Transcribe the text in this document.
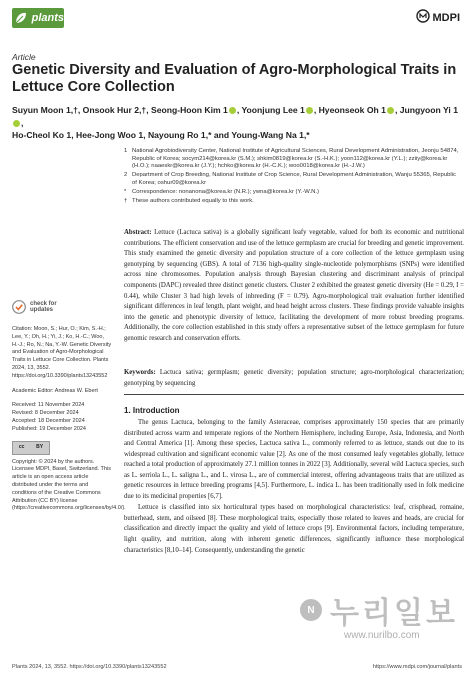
plants	MDPI
Article
Genetic Diversity and Evaluation of Agro-Morphological Traits in Lettuce Core Collection
Suyun Moon 1,†, Onsook Hur 2,†, Seong-Hoon Kim 1 , Yoonjung Lee 1 , Hyeonseok Oh 1 , Jungyoon Yi 1,
Ho-Cheol Ko 1, Hee-Jong Woo 1, Nayoung Ro 1,* and Young-Wang Na 1,*
1 National Agrobiodiversity Center, National Institute of Agricultural Sciences, Rural Development Administration, Jeonju 54874, Republic of Korea; socym214@korea.kr (S.M.); shkim0819@korea.kr (S.-H.K.); yoon112@korea.kr (Y.L.); zziiy@korea.kr (H.O.); naaeskr@korea.kr (J.Y.); hchko@korea.kr (H.-C.K.); woo0018@korea.kr (H.-J.W.)
2 Department of Crop Breeding, National Institute of Crop Science, Rural Development Administration, Wanju 55365, Republic of Korea; oshur09@korea.kr
* Correspondence: nonanona@korea.kr (N.R.); ywna@korea.kr (Y.-W.N.)
† These authors contributed equally to this work.
Abstract: Lettuce (Lactuca sativa) is a globally significant leafy vegetable, valued for both its economic and nutritional contributions. The efficient conservation and use of the lettuce germplasm are crucial for breeding and genetic improvement. This study examined the genetic diversity and population structure of a core collection of the lettuce germplasm using genotyping by sequencing (GBS). A total of 7136 high-quality single-nucleotide polymorphisms (SNPs) were identified across nine chromosomes. Population analysis through Bayesian clustering and discriminant analysis of principal components (DAPC) revealed three distinct genetic clusters. Cluster 2 exhibited the greatest genetic diversity (He = 0.29, I = 0.44), while Cluster 3 had high levels of inbreeding (F = 0.79). Agro-morphological trait evaluation further identified significant differences in leaf length, plant weight, and head height across clusters. These findings provide valuable insights into the genetic and phenotypic diversity of lettuce, facilitating the development of more robust breeding programs. Additionally, the core collection established in this study offers a representative subset of the lettuce germplasm for future genomic research and conservation efforts.
Keywords: Lactuca sativa; germplasm; genetic diversity; population structure; agro-morphological characterization; genotyping by sequencing
check for
updates
Citation: Moon, S.; Hur, O.; Kim, S.-H.; Lee, Y.; Oh, H.; Yi, J.; Ko, H.-C.; Woo, H.-J.; Ro, N.; Na, Y.-W. Genetic Diversity and Evaluation of Agro-Morphological Traits in Lettuce Core Collection. Plants 2024, 13, 3552. https://doi.org/10.3390/plants13243552
Academic Editor: Andreas W. Ebert
Received: 11 November 2024
Revised: 8 December 2024
Accepted: 18 December 2024
Published: 19 December 2024
cc BY
Copyright: © 2024 by the authors. Licensee MDPI, Basel, Switzerland. This article is an open access article distributed under the terms and conditions of the Creative Commons Attribution (CC BY) license (https://creativecommons.org/licenses/by/4.0/).
1. Introduction

The genus Lactuca, belonging to the family Asteraceae, comprises approximately 150 species that are primarily distributed across warm and temperate regions of the Northern Hemisphere, including Europe, Asia, Indonesia, and North and Central America [1]. Among these species, Lactuca sativa L., commonly referred to as lettuce, stands out due to its widespread cultivation and significant economic value [2]. As one of the most consumed leafy vegetables globally, lettuce reached a total production of approximately 27.1 million tonnes in 2022 [3]. Additionally, several wild Lactuca species, such as L. serriola L., L. saligna L., and L. virosa L., are of commercial interest, offering advantageous traits that are utilized as genetic resources in lettuce breeding programs [4,5]. Furthermore, L. indica L. has been traditionally used in folk medicine due to its medicinal properties [6,7].

Lettuce is classified into six horticultural types based on morphological characteristics: leaf, crisphead, romaine, butterhead, stem, and oilseed [8]. These morphological traits, especially those related to leaves and heads, are crucial for classification and directly impact the quality and yield of lettuce crops [9]. Environmental factors, including temperature, light quality, and nutrition, along with inherent genetic differences, significantly influence these morphological characteristics [8,10–14]. Consequently, understanding the genetic

N 누리일보
www.nurilbo.com
Plants 2024, 13, 3552. https://doi.org/10.3390/plants13243552	https://www.mdpi.com/journal/plants
